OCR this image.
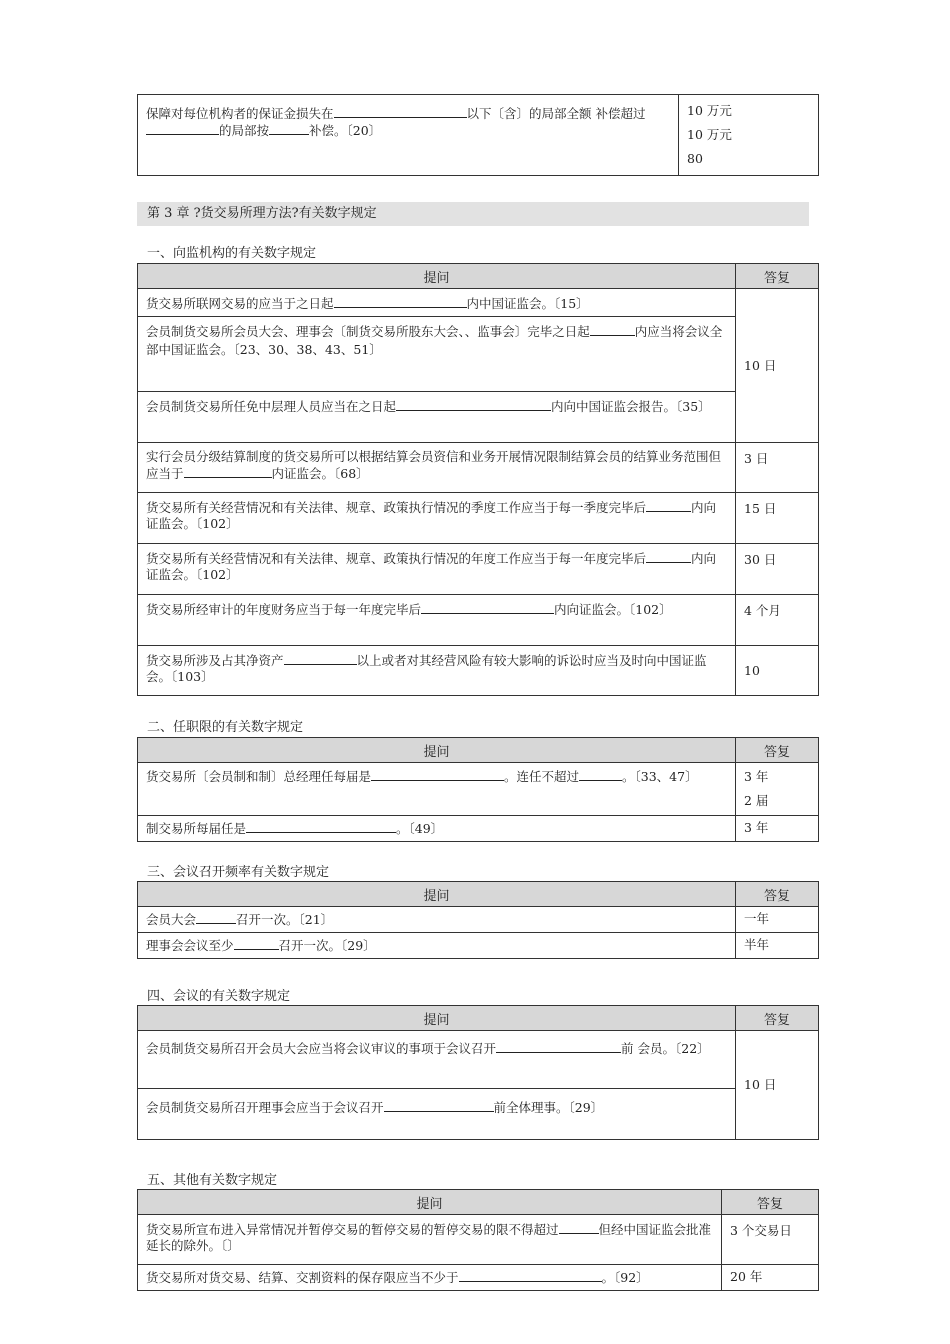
保障对每位机构者的保证金损失在	以下〔含〕的局部全额 补偿超过的局部按	补偿。〔20〕	
10 万元
10 万元
80
第 3 章 ?货交易所理方法?有关数字规定
一、向监机构的有关数字规定
提问	答复
货交易所联网交易的应当于之日起 内中国证监会。〔15〕	10 日
会员制货交易所会员大会、理事会〔制货交易所股东大会、、监事会〕完毕之日起 内应当将会议全部中国证监会。〔23、30、38、43、51〕	
会员制货交易所任免中层理人员应当在之日起 内向中国证监会报告。〔35〕	
实行会员分级结算制度的货交易所可以根据结算会员资信和业务开展情况限制结算会员的结算业务范围但应当于 内证监会。〔68〕	3 日
货交易所有关经营情况和有关法律、规章、政策执行情况的季度工作应当于每一季度完毕后 内向证监会。〔102〕	15 日
货交易所有关经营情况和有关法律、规章、政策执行情况的年度工作应当于每一年度完毕后 内向证监会。〔102〕	30 日
货交易所经审计的年度财务应当于每一年度完毕后 内向证监会。〔102〕	4 个月
货交易所涉及占其净资产 以上或者对其经营风险有较大影响的诉讼时应当及时向中国证监会。〔103〕	10
二、任职限的有关数字规定
提问	答复
货交易所〔会员制和制〕总经理任每届是 。连任不超过 。〔33、47〕	3 年
2 届

制交易所每届任是 。〔49〕	3 年
三、会议召开频率有关数字规定
提问	答复
会员大会 召开一次。〔21〕	一年
理事会会议至少 召开一次。〔29〕	半年
四、会议的有关数字规定
提问	答复
会员制货交易所召开会员大会应当将会议审议的事项于会议召开 前 会员。〔22〕	10 日
会员制货交易所召开理事会应当于会议召开 前全体理事。〔29〕	
五、其他有关数字规定
提问	答复
货交易所宣布进入异常情况并暂停交易的暂停交易的暂停交易的限不得超过 但经中国证监会批准延长的除外。〔〕	3 个交易日
货交易所对货交易、结算、交割资料的保存限应当不少于 。〔92〕	20 年
